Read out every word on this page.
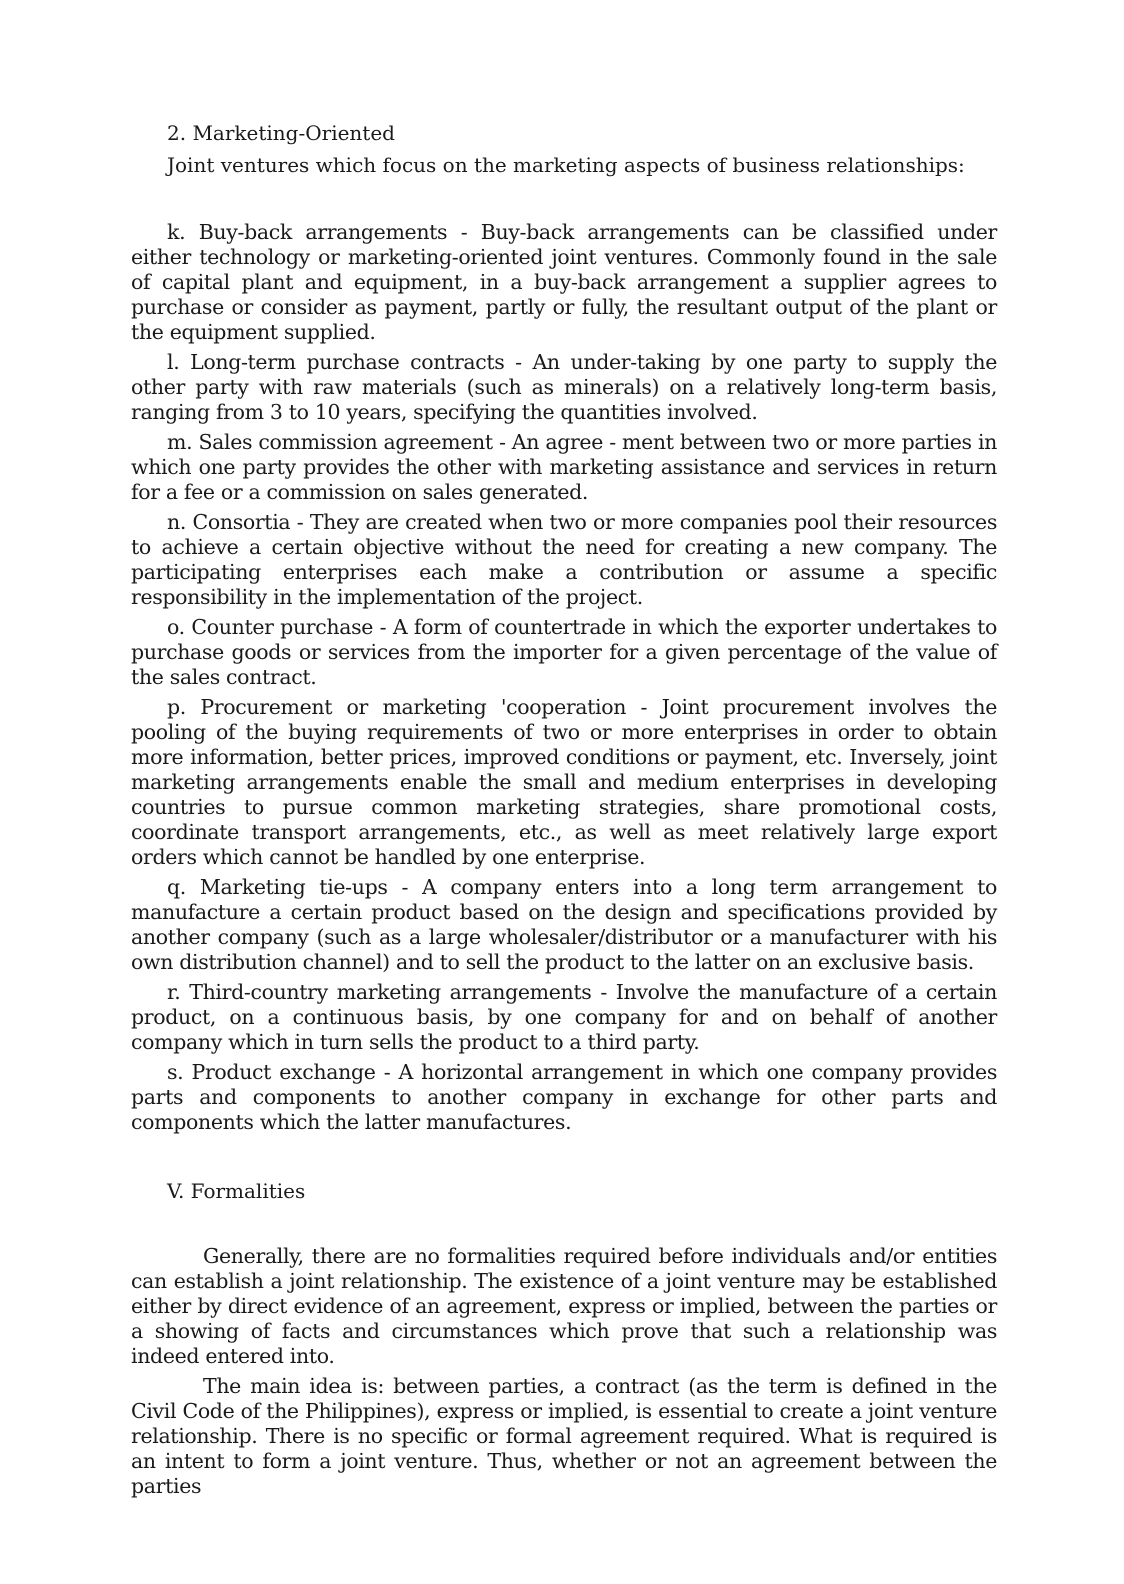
2. Marketing-Oriented

Joint ventures which focus on the marketing aspects of business relationships:

k. Buy-back arrangements - Buy-back arrangements can be classified under either technology or marketing-oriented joint ventures. Commonly found in the sale of capital plant and equipment, in a buy-back arrangement a supplier agrees to purchase or consider as payment, partly or fully, the resultant output of the plant or the equipment supplied.

l. Long-term purchase contracts - An under-taking by one party to supply the other party with raw materials (such as minerals) on a relatively long-term basis, ranging from 3 to 10 years, specifying the quantities involved.

m. Sales commission agreement - An agree - ment between two or more parties in which one party provides the other with marketing assistance and services in return for a fee or a commission on sales generated.

n. Consortia - They are created when two or more companies pool their resources to achieve a certain objective without the need for creating a new company. The participating enterprises each make a contribution or assume a specific responsibility in the implementation of the project.

o. Counter purchase - A form of countertrade in which the exporter undertakes to purchase goods or services from the importer for a given percentage of the value of the sales contract.

p. Procurement or marketing 'cooperation - Joint procurement involves the pooling of the buying requirements of two or more enterprises in order to obtain more information, better prices, improved conditions or payment, etc. Inversely, joint marketing arrangements enable the small and medium enterprises in developing countries to pursue common marketing strategies, share promotional costs, coordinate transport arrangements, etc., as well as meet relatively large export orders which cannot be handled by one enterprise.

q. Marketing tie-ups - A company enters into a long term arrangement to manufacture a certain product based on the design and specifications provided by another company (such as a large wholesaler/distributor or a manufacturer with his own distribution channel) and to sell the product to the latter on an exclusive basis.

r. Third-country marketing arrangements - Involve the manufacture of a certain product, on a continuous basis, by one company for and on behalf of another company which in turn sells the product to a third party.

s. Product exchange - A horizontal arrangement in which one company provides parts and components to another company in exchange for other parts and components which the latter manufactures.

V. Formalities

Generally, there are no formalities required before individuals and/or entities can establish a joint relationship. The existence of a joint venture may be established either by direct evidence of an agreement, express or implied, between the parties or a showing of facts and circumstances which prove that such a relationship was indeed entered into.

The main idea is: between parties, a contract (as the term is defined in the Civil Code of the Philippines), express or implied, is essential to create a joint venture relationship. There is no specific or formal agreement required. What is required is an intent to form a joint venture. Thus, whether or not an agreement between the parties
